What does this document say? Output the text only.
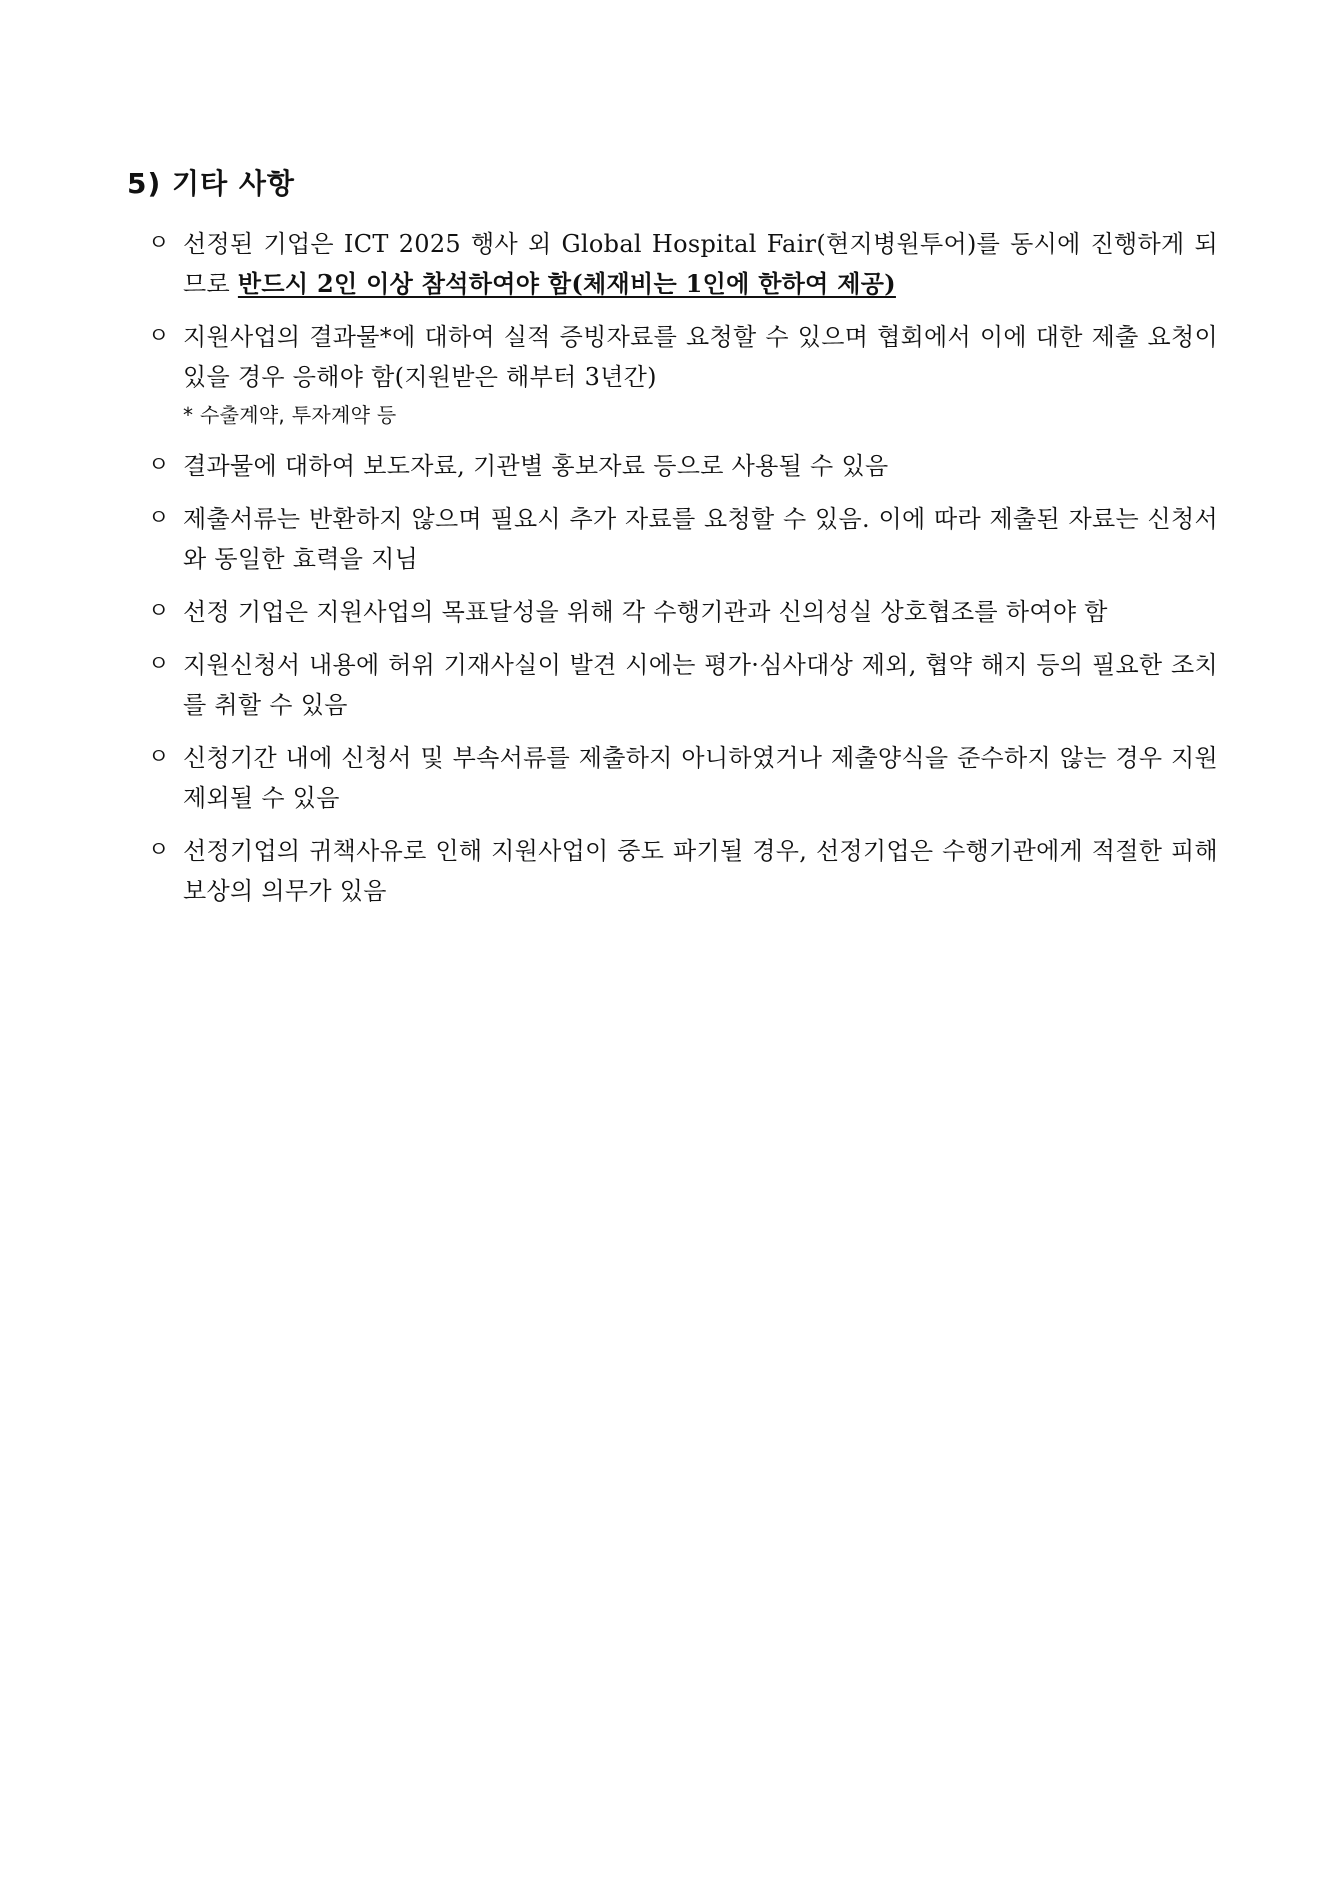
5) 기타 사항
ㅇ 선정된 기업은 ICT 2025 행사 외 Global Hospital Fair(현지병원투어)를 동시에 진행하게 되므로 반드시 2인 이상 참석하여야 함(체재비는 1인에 한하여 제공)
ㅇ 지원사업의 결과물*에 대하여 실적 증빙자료를 요청할 수 있으며 협회에서 이에 대한 제출 요청이 있을 경우 응해야 함(지원받은 해부터 3년간)
* 수출계약, 투자계약 등
ㅇ 결과물에 대하여 보도자료, 기관별 홍보자료 등으로 사용될 수 있음
ㅇ 제출서류는 반환하지 않으며 필요시 추가 자료를 요청할 수 있음. 이에 따라 제출된 자료는 신청서와 동일한 효력을 지님
ㅇ 선정 기업은 지원사업의 목표달성을 위해 각 수행기관과 신의성실 상호협조를 하여야 함
ㅇ 지원신청서 내용에 허위 기재사실이 발견 시에는 평가·심사대상 제외, 협약 해지 등의 필요한 조치를 취할 수 있음
ㅇ 신청기간 내에 신청서 및 부속서류를 제출하지 아니하였거나 제출양식을 준수하지 않는 경우 지원 제외될 수 있음
ㅇ 선정기업의 귀책사유로 인해 지원사업이 중도 파기될 경우, 선정기업은 수행기관에게 적절한 피해보상의 의무가 있음
